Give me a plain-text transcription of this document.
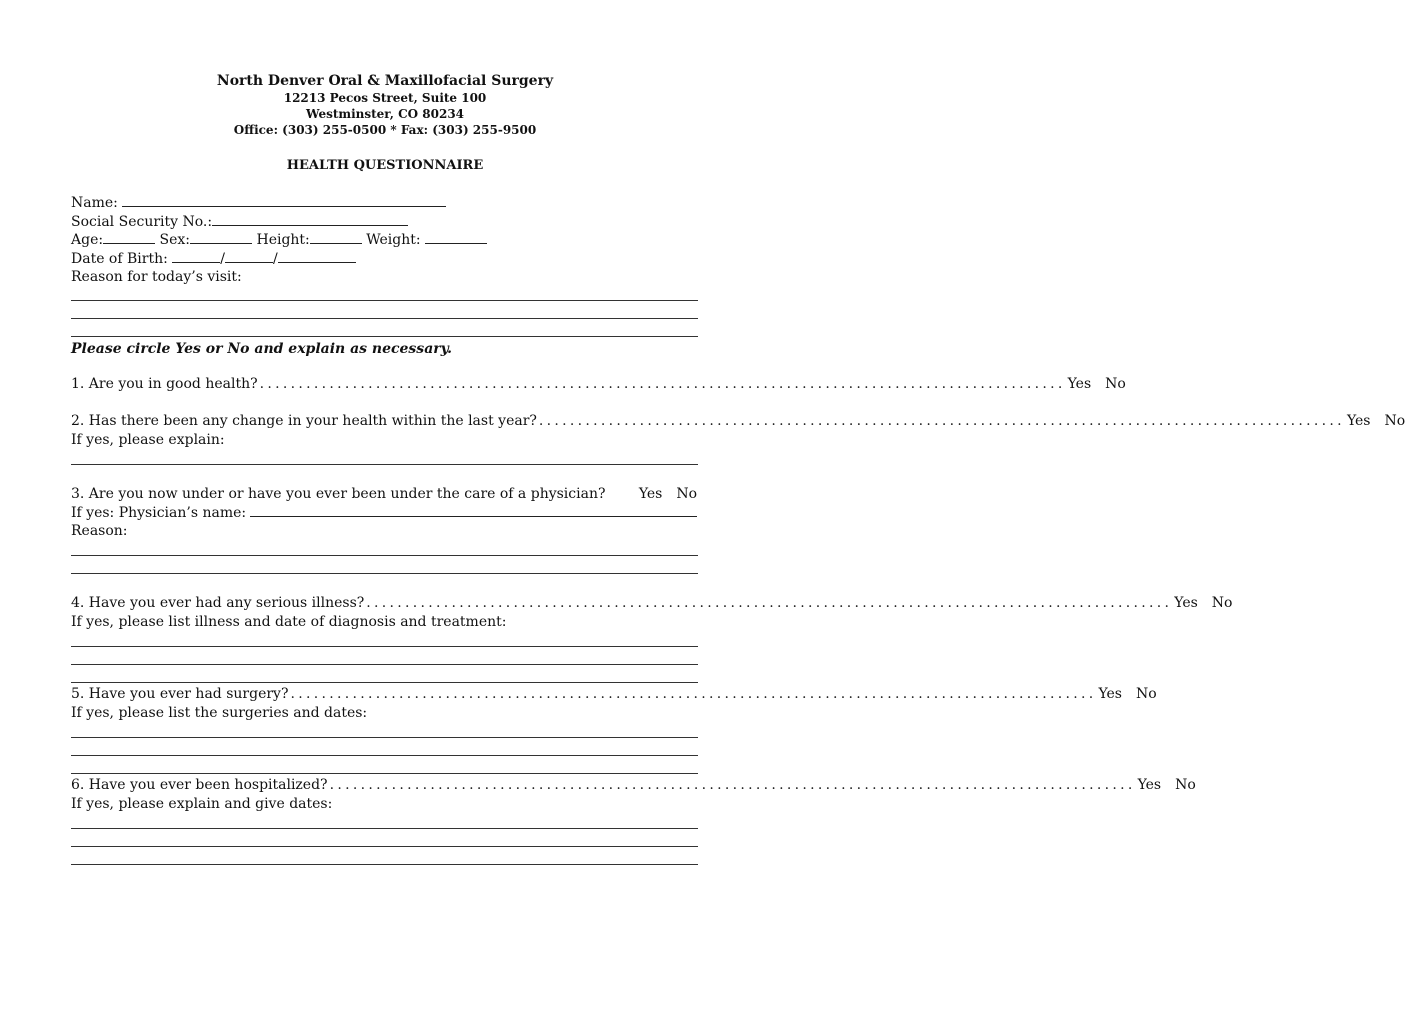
North Denver Oral & Maxillofacial Surgery
12213 Pecos Street, Suite 100
Westminster, CO 80234
Office: (303) 255-0500 * Fax: (303) 255-9500
HEALTH QUESTIONNAIRE
Name:
Social Security No.:
Age:	Sex:	Height:	Weight:
Date of Birth:	/	/
Reason for today’s visit:
Please circle Yes or No and explain as necessary.
1. Are you in good health? ........................................................................................................ Yes No
2. Has there been any change in your health within the last year? ........................................................................................................ Yes No
If yes, please explain:
3. Are you now under or have you ever been under the care of a physician? Yes No
If yes: Physician’s name:
Reason:
4. Have you ever had any serious illness? ........................................................................................................ Yes No
If yes, please list illness and date of diagnosis and treatment:
5. Have you ever had surgery? ........................................................................................................ Yes No
If yes, please list the surgeries and dates:
6. Have you ever been hospitalized? ........................................................................................................ Yes No
If yes, please explain and give dates:
